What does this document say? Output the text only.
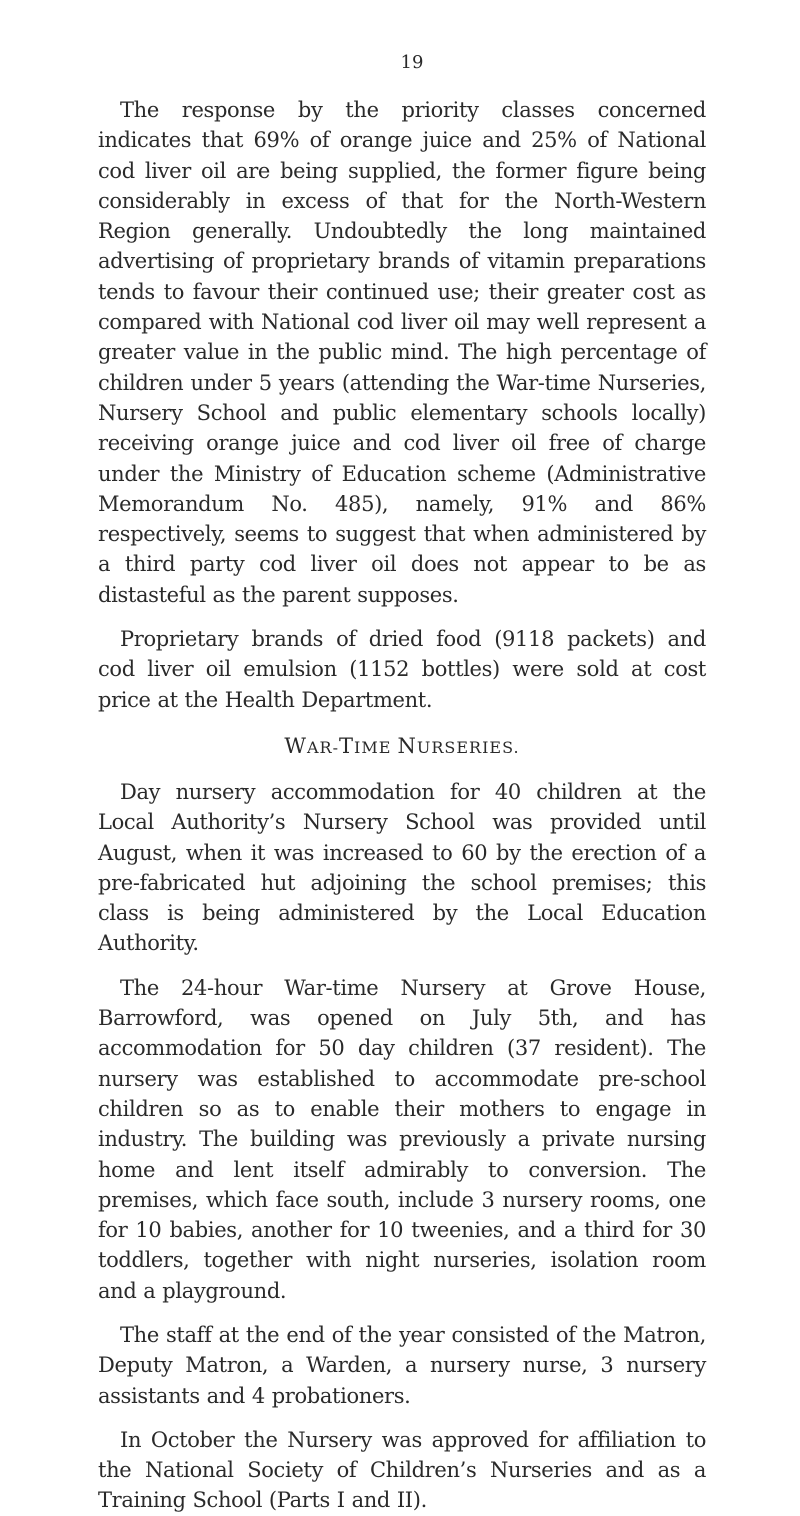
19

The response by the priority classes concerned indicates that 69% of orange juice and 25% of National cod liver oil are being supplied, the former figure being considerably in excess of that for the North-Western Region generally. Undoubtedly the long maintained advertising of proprietary brands of vitamin preparations tends to favour their continued use; their greater cost as compared with National cod liver oil may well represent a greater value in the public mind. The high percentage of children under 5 years (attending the War-time Nurseries, Nursery School and public elementary schools locally) receiving orange juice and cod liver oil free of charge under the Ministry of Education scheme (Administrative Memorandum No. 485), namely, 91% and 86% respectively, seems to suggest that when administered by a third party cod liver oil does not appear to be as distasteful as the parent supposes.

Proprietary brands of dried food (9118 packets) and cod liver oil emulsion (1152 bottles) were sold at cost price at the Health Department.

WAR-TIME NURSERIES.

Day nursery accommodation for 40 children at the Local Authority’s Nursery School was provided until August, when it was increased to 60 by the erection of a pre-fabricated hut adjoining the school premises; this class is being administered by the Local Education Authority.

The 24-hour War-time Nursery at Grove House, Barrowford, was opened on July 5th, and has accommodation for 50 day children (37 resident). The nursery was established to accommodate pre-school children so as to enable their mothers to engage in industry. The building was previously a private nursing home and lent itself admirably to conversion. The premises, which face south, include 3 nursery rooms, one for 10 babies, another for 10 tweenies, and a third for 30 toddlers, together with night nurseries, isolation room and a playground.

The staff at the end of the year consisted of the Matron, Deputy Matron, a Warden, a nursery nurse, 3 nursery assistants and 4 probationers.

In October the Nursery was approved for affiliation to the National Society of Children’s Nurseries and as a Training School (Parts I and II).
